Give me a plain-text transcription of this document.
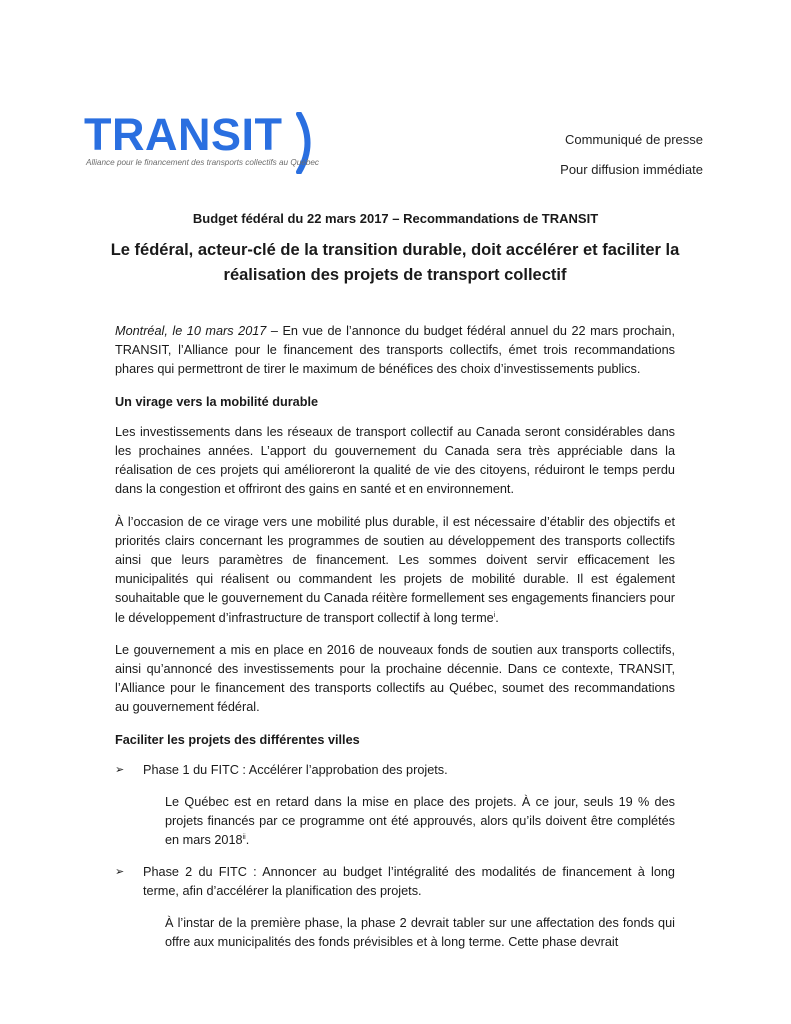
TRANSIT
Alliance pour le financement des transports collectifs au Québec
Communiqué de presse
Pour diffusion immédiate

Budget fédéral du 22 mars 2017 – Recommandations de TRANSIT

Le fédéral, acteur-clé de la transition durable, doit accélérer et faciliter la réalisation des projets de transport collectif

Montréal, le 10 mars 2017 – En vue de l’annonce du budget fédéral annuel du 22 mars prochain, TRANSIT, l’Alliance pour le financement des transports collectifs, émet trois recommandations phares qui permettront de tirer le maximum de bénéfices des choix d’investissements publics.

Un virage vers la mobilité durable

Les investissements dans les réseaux de transport collectif au Canada seront considérables dans les prochaines années. L’apport du gouvernement du Canada sera très appréciable dans la réalisation de ces projets qui amélioreront la qualité de vie des citoyens, réduiront le temps perdu dans la congestion et offriront des gains en santé et en environnement.

À l’occasion de ce virage vers une mobilité plus durable, il est nécessaire d’établir des objectifs et priorités clairs concernant les programmes de soutien au développement des transports collectifs ainsi que leurs paramètres de financement. Les sommes doivent servir efficacement les municipalités qui réalisent ou commandent les projets de mobilité durable. Il est également souhaitable que le gouvernement du Canada réitère formellement ses engagements financiers pour le développement d’infrastructure de transport collectif à long terme$^i$.

Le gouvernement a mis en place en 2016 de nouveaux fonds de soutien aux transports collectifs, ainsi qu’annoncé des investissements pour la prochaine décennie. Dans ce contexte, TRANSIT, l’Alliance pour le financement des transports collectifs au Québec, soumet des recommandations au gouvernement fédéral.

Faciliter les projets des différentes villes

➢ Phase 1 du FITC : Accélérer l’approbation des projets.

Le Québec est en retard dans la mise en place des projets. À ce jour, seuls 19 % des projets financés par ce programme ont été approuvés, alors qu’ils doivent être complétés en mars 2018$^{ii}$.

➢ Phase 2 du FITC : Annoncer au budget l’intégralité des modalités de financement à long terme, afin d’accélérer la planification des projets.

À l’instar de la première phase, la phase 2 devrait tabler sur une affectation des fonds qui offre aux municipalités des fonds prévisibles et à long terme. Cette phase devrait
